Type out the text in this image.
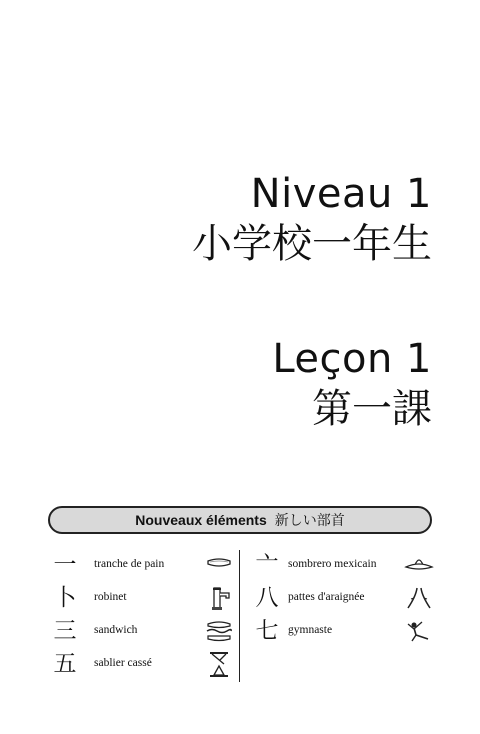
Niveau 1
小学校一年生
Leçon 1
第一課
Nouveaux éléments 新しい部首
一 tranche de pain
卜 robinet
三 sandwich
五 sablier cassé
亠 sombrero mexicain
八 pattes d'araignée
七 gymnaste
